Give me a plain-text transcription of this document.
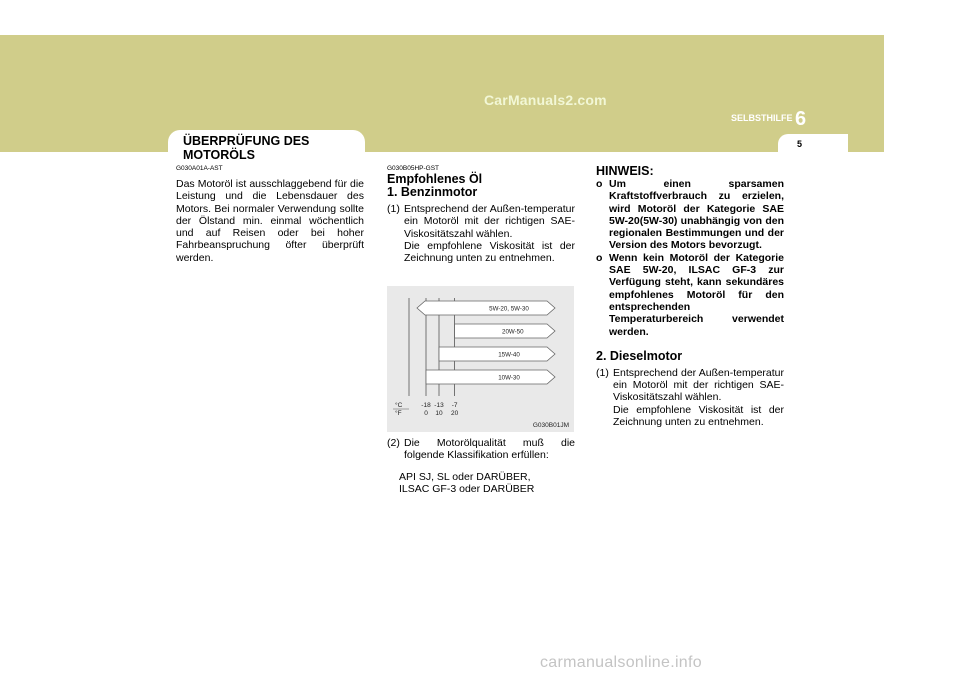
CarManuals2.com
SELBSTHILFE 6
5
ÜBERPRÜFUNG DES MOTORÖLS
G030A01A-AST
Das Motoröl ist ausschlaggebend für die Leistung und die Lebensdauer des Motors. Bei normaler Verwendung sollte der Ölstand min. einmal wöchentlich und auf Reisen oder bei hoher Fahrbeanspruchung öfter überprüft werden.
G030B05HP-GST
Empfohlenes Öl
1. Benzinmotor
(1) Entsprechend der Außen-temperatur ein Motoröl mit der richtigen SAE-Viskositätszahl wählen.
Die empfohlene Viskosität ist der Zeichnung unten zu entnehmen.
5W-20, 5W-30
20W-50
15W-40
10W-30
°C
°F
-18 -13 -7
0 10 20
G030B01JM
(2) Die Motorölqualität muß die folgende Klassifikation erfüllen:
API SJ, SL oder DARÜBER,
ILSAC GF-3 oder DARÜBER
HINWEIS:
o Um einen sparsamen Kraftstoffverbrauch zu erzielen, wird Motoröl der Kategorie SAE 5W-20(5W-30) unabhängig von den regionalen Bestimmungen und der Version des Motors bevorzugt.
o Wenn kein Motoröl der Kategorie SAE 5W-20, ILSAC GF-3 zur Verfügung steht, kann sekundäres empfohlenes Motoröl für den entsprechenden Temperaturbereich verwendet werden.
2. Dieselmotor
(1) Entsprechend der Außen-temperatur ein Motoröl mit der richtigen SAE-Viskositätszahl wählen.
Die empfohlene Viskosität ist der Zeichnung unten zu entnehmen.
carmanualsonline.info
